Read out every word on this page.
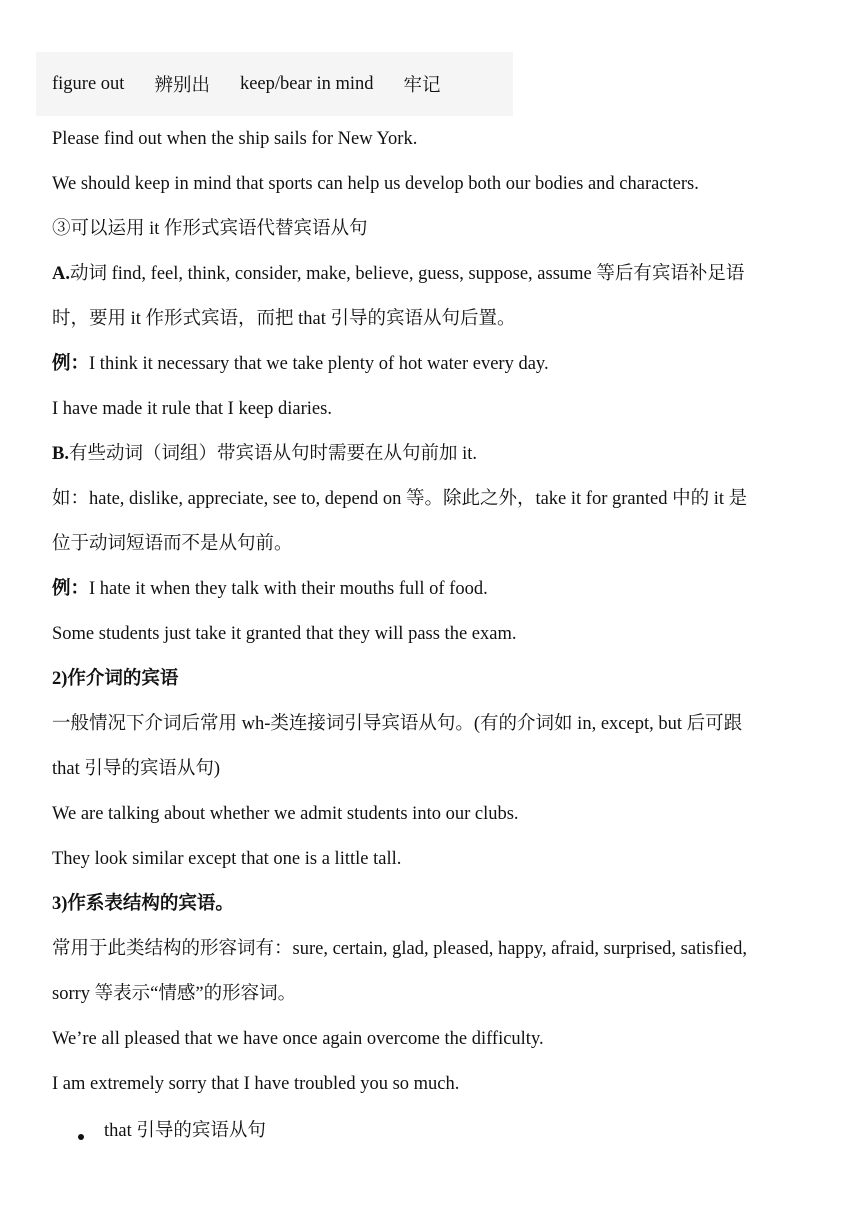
figure out 辨别出 keep/bear in mind 牢记
Please find out when the ship sails for New York.
We should keep in mind that sports can help us develop both our bodies and characters.
③可以运用 it 作形式宾语代替宾语从句
A.动词 find, feel, think, consider, make, believe, guess, suppose, assume 等后有宾语补足语
时，要用 it 作形式宾语，而把 that 引导的宾语从句后置。
例：I think it necessary that we take plenty of hot water every day.
I have made it rule that I keep diaries.
B.有些动词（词组）带宾语从句时需要在从句前加 it.
如：hate, dislike, appreciate, see to, depend on 等。除此之外，take it for granted 中的 it 是
位于动词短语而不是从句前。
例：I hate it when they talk with their mouths full of food.
Some students just take it granted that they will pass the exam.
2)作介词的宾语
一般情况下介词后常用 wh-类连接词引导宾语从句。(有的介词如 in, except, but 后可跟
that 引导的宾语从句)
We are talking about whether we admit students into our clubs.
They look similar except that one is a little tall.
3)作系表结构的宾语。
常用于此类结构的形容词有：sure, certain, glad, pleased, happy, afraid, surprised, satisfied,
sorry 等表示“情感”的形容词。
We’re all pleased that we have once again overcome the difficulty.
I am extremely sorry that I have troubled you so much.
that 引导的宾语从句
